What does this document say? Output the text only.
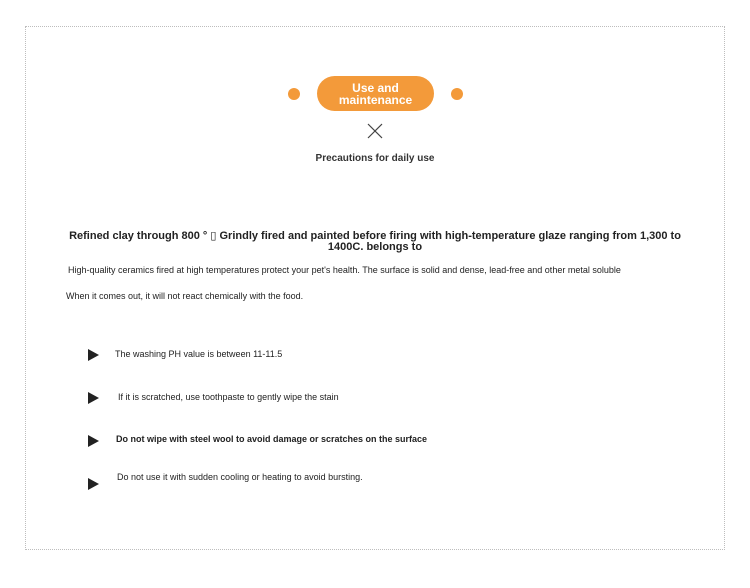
Use and maintenance
Precautions for daily use
Refined clay through 800 ° ▯ Grindly fired and painted before firing with high-temperature glaze ranging from 1,300 to 1400C. belongs to
High-quality ceramics fired at high temperatures protect your pet's health. The surface is solid and dense, lead-free and other metal soluble
When it comes out, it will not react chemically with the food.
The washing PH value is between 11-11.5
If it is scratched, use toothpaste to gently wipe the stain
Do not wipe with steel wool to avoid damage or scratches on the surface
Do not use it with sudden cooling or heating to avoid bursting.
